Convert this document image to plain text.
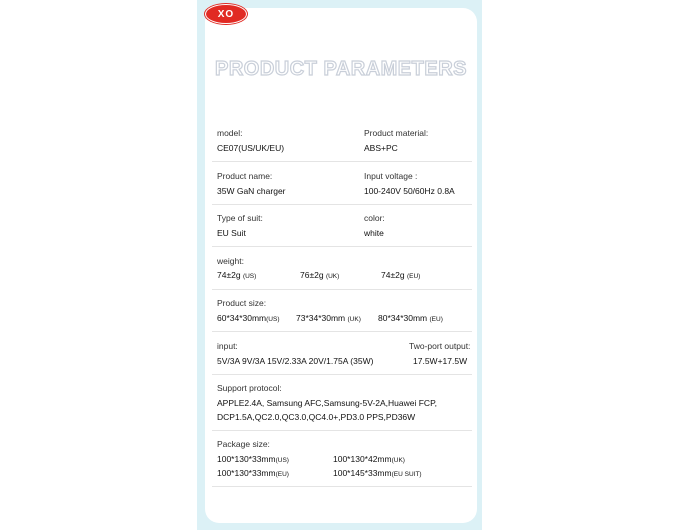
XO
PRODUCT PARAMETERS
model:
CE07(US/UK/EU)
Product material:
ABS+PC
Product name:
35W GaN charger
Input voltage :
100-240V 50/60Hz 0.8A
Type of suit:
EU Suit
color:
white
weight:
74±2g (US)	76±2g (UK)	74±2g (EU)
Product size:
60*34*30mm(US) 73*34*30mm (UK) 80*34*30mm (EU)
input:
5V/3A 9V/3A 15V/2.33A 20V/1.75A (35W)
Two-port output:
17.5W+17.5W
Support protocol:
APPLE2.4A, Samsung AFC,Samsung-5V-2A,Huawei FCP,
DCP1.5A,QC2.0,QC3.0,QC4.0+,PD3.0 PPS,PD36W
Package size:
100*130*33mm(US)	100*130*42mm(UK)
100*130*33mm(EU)	100*145*33mm(EU SUIT)
